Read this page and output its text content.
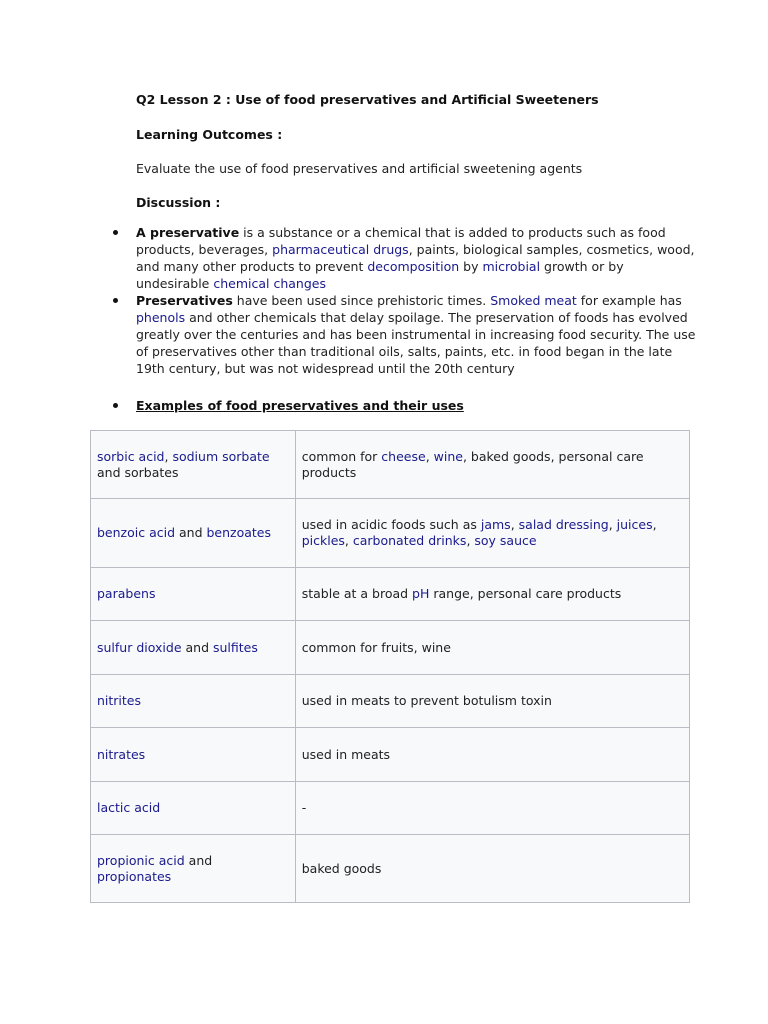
Q2 Lesson 2 : Use of food preservatives and Artificial Sweeteners
Learning Outcomes :
Evaluate the use of food preservatives and artificial sweetening agents
Discussion :
A preservative is a substance or a chemical that is added to products such as food products, beverages, pharmaceutical drugs, paints, biological samples, cosmetics, wood, and many other products to prevent decomposition by microbial growth or by undesirable chemical changes
Preservatives have been used since prehistoric times. Smoked meat for example has phenols and other chemicals that delay spoilage. The preservation of foods has evolved greatly over the centuries and has been instrumental in increasing food security. The use of preservatives other than traditional oils, salts, paints, etc. in food began in the late 19th century, but was not widespread until the 20th century
Examples of food preservatives and their uses
sorbic acid, sodium sorbate and sorbates	common for cheese, wine, baked goods, personal care products
benzoic acid and benzoates	used in acidic foods such as jams, salad dressing, juices, pickles, carbonated drinks, soy sauce
parabens	stable at a broad pH range, personal care products
sulfur dioxide and sulfites	common for fruits, wine
nitrites	used in meats to prevent botulism toxin
nitrates	used in meats
lactic acid	-
propionic acid and propionates	baked goods
